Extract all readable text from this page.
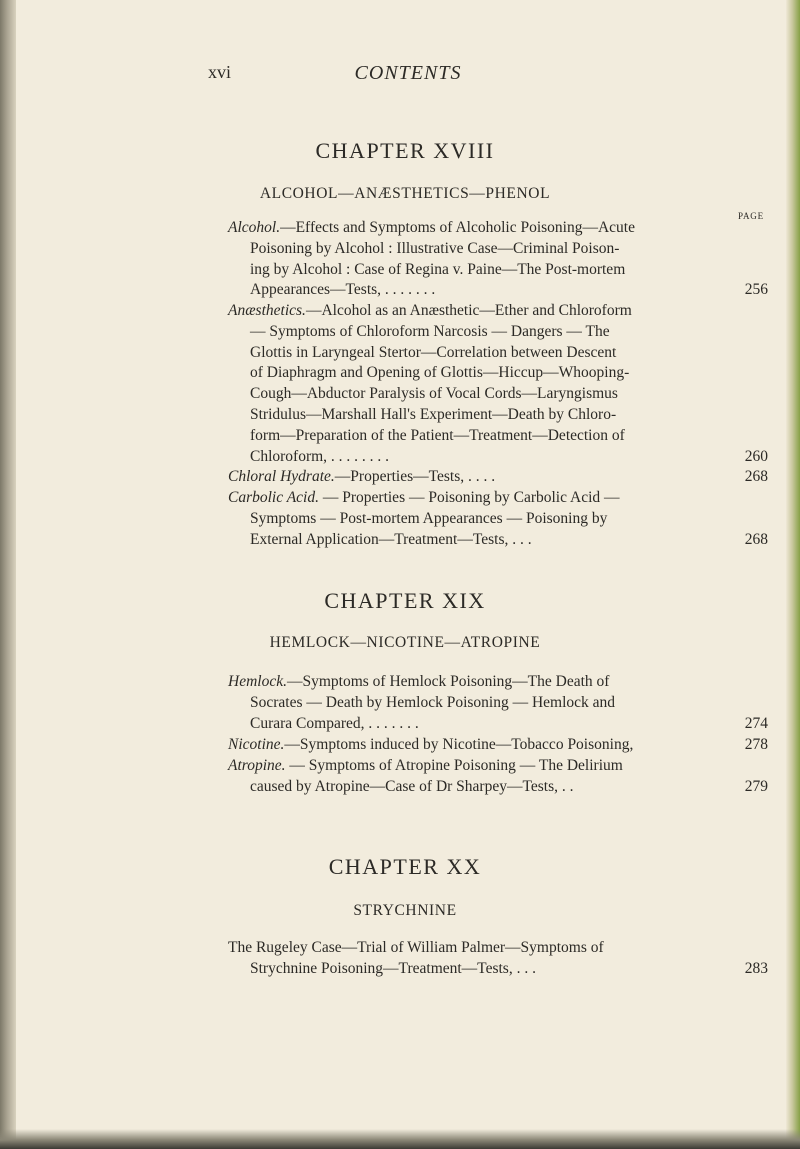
xvi	CONTENTS
CHAPTER XVIII
ALCOHOL—ANÆSTHETICS—PHENOL
PAGE
Alcohol.—Effects and Symptoms of Alcoholic Poisoning—Acute
Poisoning by Alcohol : Illustrative Case—Criminal Poison-
ing by Alcohol : Case of Regina v. Paine—The Post-mortem
Appearances—Tests, . . . . . . .	256
Anæsthetics.—Alcohol as an Anæsthetic—Ether and Chloroform
— Symptoms of Chloroform Narcosis — Dangers — The
Glottis in Laryngeal Stertor—Correlation between Descent
of Diaphragm and Opening of Glottis—Hiccup—Whooping-
Cough—Abductor Paralysis of Vocal Cords—Laryngismus
Stridulus—Marshall Hall's Experiment—Death by Chloro-
form—Preparation of the Patient—Treatment—Detection of
Chloroform, . . . . . . . .	260
Chloral Hydrate.—Properties—Tests, . . . .	268
Carbolic Acid. — Properties — Poisoning by Carbolic Acid —
Symptoms — Post-mortem Appearances — Poisoning by
External Application—Treatment—Tests, . . .	268
CHAPTER XIX
HEMLOCK—NICOTINE—ATROPINE
Hemlock.—Symptoms of Hemlock Poisoning—The Death of
Socrates — Death by Hemlock Poisoning — Hemlock and
Curara Compared, . . . . . . .	274
Nicotine.—Symptoms induced by Nicotine—Tobacco Poisoning,	278
Atropine. — Symptoms of Atropine Poisoning — The Delirium
caused by Atropine—Case of Dr Sharpey—Tests, . .	279
CHAPTER XX
STRYCHNINE
The Rugeley Case—Trial of William Palmer—Symptoms of
Strychnine Poisoning—Treatment—Tests, . . .	283
